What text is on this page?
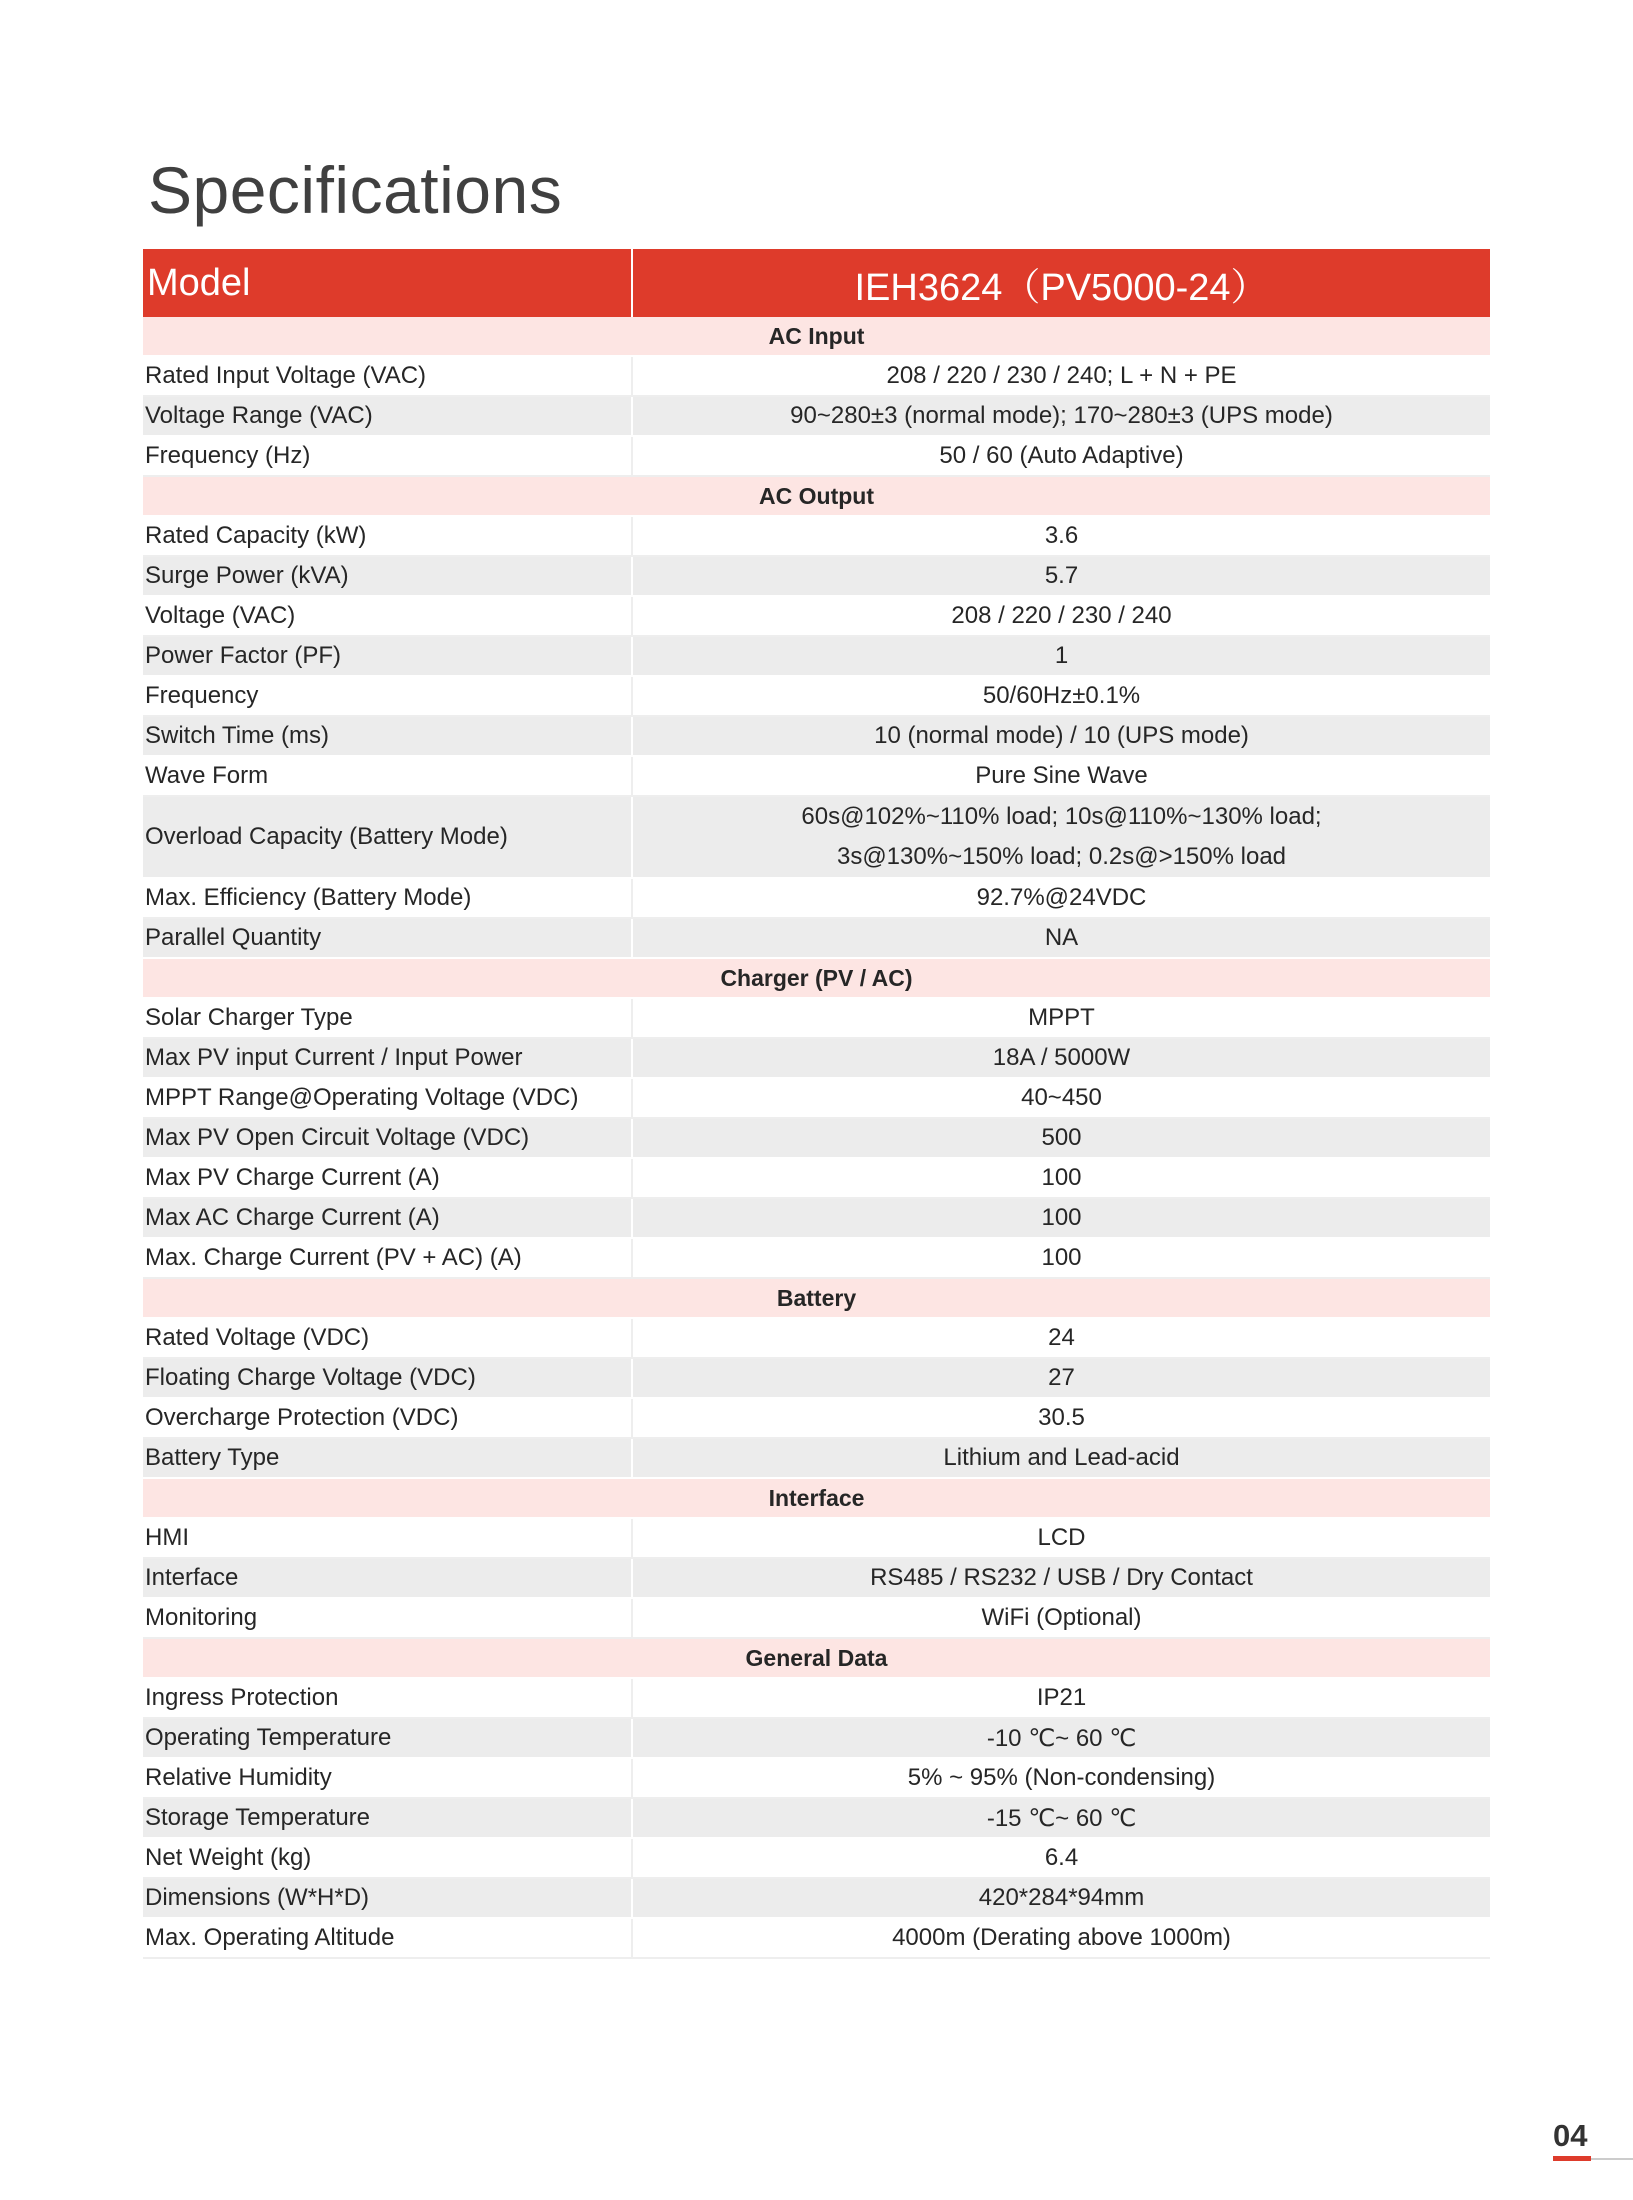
Specifications
Model	IEH3624（PV5000-24）
AC Input	
Rated Input Voltage (VAC)	208 / 220 / 230 / 240; L + N + PE
Voltage Range (VAC)	90~280±3 (normal mode); 170~280±3 (UPS mode)
Frequency (Hz)	50 / 60 (Auto Adaptive)
AC Output	
Rated Capacity (kW)	3.6
Surge Power (kVA)	5.7
Voltage (VAC)	208 / 220 / 230 / 240
Power Factor (PF)	1
Frequency	50/60Hz±0.1%
Switch Time (ms)	10 (normal mode) / 10 (UPS mode)
Wave Form	Pure Sine Wave
Overload Capacity (Battery Mode)	60s@102%~110% load; 10s@110%~130% load;
3s@130%~150% load; 0.2s@>150% load

Max. Efficiency (Battery Mode)	92.7%@24VDC
Parallel Quantity	NA
Charger (PV / AC)	
Solar Charger Type	MPPT
Max PV input Current / Input Power	18A / 5000W
MPPT Range@Operating Voltage (VDC)	40~450
Max PV Open Circuit Voltage (VDC)	500
Max PV Charge Current (A)	100
Max AC Charge Current (A)	100
Max. Charge Current (PV + AC) (A)	100
Battery	
Rated Voltage (VDC)	24
Floating Charge Voltage (VDC)	27
Overcharge Protection (VDC)	30.5
Battery Type	Lithium and Lead-acid
Interface	
HMI	LCD
Interface	RS485 / RS232 / USB / Dry Contact
Monitoring	WiFi (Optional)
General Data	
Ingress Protection	IP21
Operating Temperature	-10 ℃~ 60 ℃
Relative Humidity	5% ~ 95% (Non-condensing)
Storage Temperature	-15 ℃~ 60 ℃
Net Weight (kg)	6.4
Dimensions (W*H*D)	420*284*94mm
Max. Operating Altitude	4000m (Derating above 1000m)
04
